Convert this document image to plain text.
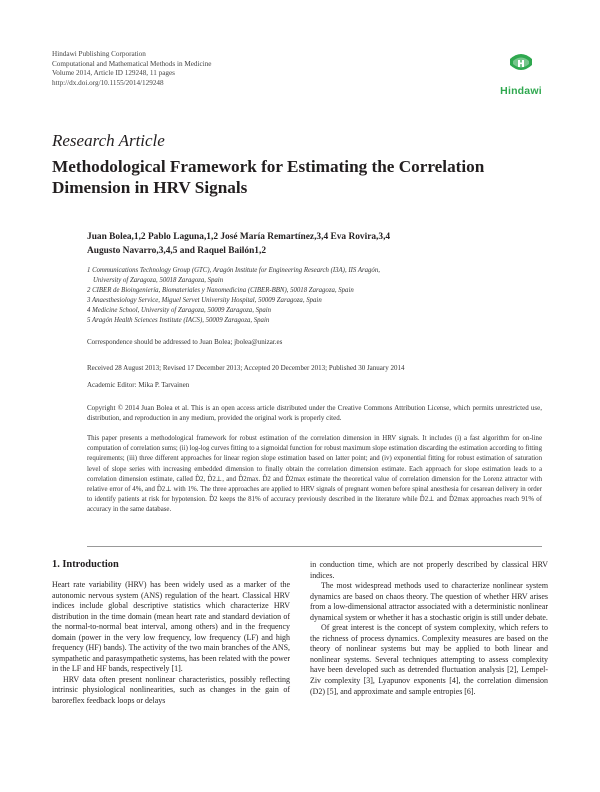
Hindawi Publishing Corporation
Computational and Mathematical Methods in Medicine
Volume 2014, Article ID 129248, 11 pages
http://dx.doi.org/10.1155/2014/129248
Hindawi
Research Article
Methodological Framework for Estimating the Correlation Dimension in HRV Signals
Juan Bolea,1,2 Pablo Laguna,1,2 José María Remartínez,3,4 Eva Rovira,3,4
Augusto Navarro,3,4,5 and Raquel Bailón1,2
1 Communications Technology Group (GTC), Aragón Institute for Engineering Research (I3A), IIS Aragón,
University of Zaragoza, 50018 Zaragoza, Spain
2 CIBER de Bioingeniería, Biomateriales y Nanomedicina (CIBER-BBN), 50018 Zaragoza, Spain
3 Anaesthesiology Service, Miguel Servet University Hospital, 50009 Zaragoza, Spain
4 Medicine School, University of Zaragoza, 50009 Zaragoza, Spain
5 Aragón Health Sciences Institute (IACS), 50009 Zaragoza, Spain
Correspondence should be addressed to Juan Bolea; jbolea@unizar.es
Received 28 August 2013; Revised 17 December 2013; Accepted 20 December 2013; Published 30 January 2014
Academic Editor: Mika P. Tarvainen
Copyright © 2014 Juan Bolea et al. This is an open access article distributed under the Creative Commons Attribution License, which permits unrestricted use, distribution, and reproduction in any medium, provided the original work is properly cited.
This paper presents a methodological framework for robust estimation of the correlation dimension in HRV signals. It includes (i) a fast algorithm for on-line computation of correlation sums; (ii) log-log curves fitting to a sigmoidal function for robust maximum slope estimation discarding the estimation according to fitting requirements; (iii) three different approaches for linear region slope estimation based on latter point; and (iv) exponential fitting for robust estimation of saturation level of slope series with increasing embedded dimension to finally obtain the correlation dimension estimate. Each approach for slope estimation leads to a correlation dimension estimate, called D̂2, D̂2⊥, and D̂2max. D̂2 and D̂2max estimate the theoretical value of correlation dimension for the Lorenz attractor with relative error of 4%, and D̂2⊥ with 1%. The three approaches are applied to HRV signals of pregnant women before spinal anesthesia for cesarean delivery in order to identify patients at risk for hypotension. D̂2 keeps the 81% of accuracy previously described in the literature while D̂2⊥ and D̂2max approaches reach 91% of accuracy in the same database.
1. Introduction

Heart rate variability (HRV) has been widely used as a marker of the autonomic nervous system (ANS) regulation of the heart. Classical HRV indices include global descriptive statistics which characterize HRV distribution in the time domain (mean heart rate and standard deviation of the normal-to-normal beat interval, among others) and in the frequency domain (power in the very low frequency, low frequency (LF) and high frequency (HF) bands). The activity of the two main branches of the ANS, sympathetic and parasympathetic systems, has been related with the power in the LF and HF bands, respectively [1].

HRV data often present nonlinear characteristics, possibly reflecting intrinsic physiological nonlinearities, such as changes in the gain of baroreflex feedback loops or delays

in conduction time, which are not properly described by classical HRV indices.

The most widespread methods used to characterize nonlinear system dynamics are based on chaos theory. The question of whether HRV arises from a low-dimensional attractor associated with a deterministic nonlinear dynamical system or whether it has a stochastic origin is still under debate.

Of great interest is the concept of system complexity, which refers to the richness of process dynamics. Complexity measures are based on the theory of nonlinear systems but may be applied to both linear and nonlinear systems. Several techniques attempting to assess complexity have been developed such as detrended fluctuation analysis [2], Lempel-Ziv complexity [3], Lyapunov exponents [4], the correlation dimension (D2) [5], and approximate and sample entropies [6].
